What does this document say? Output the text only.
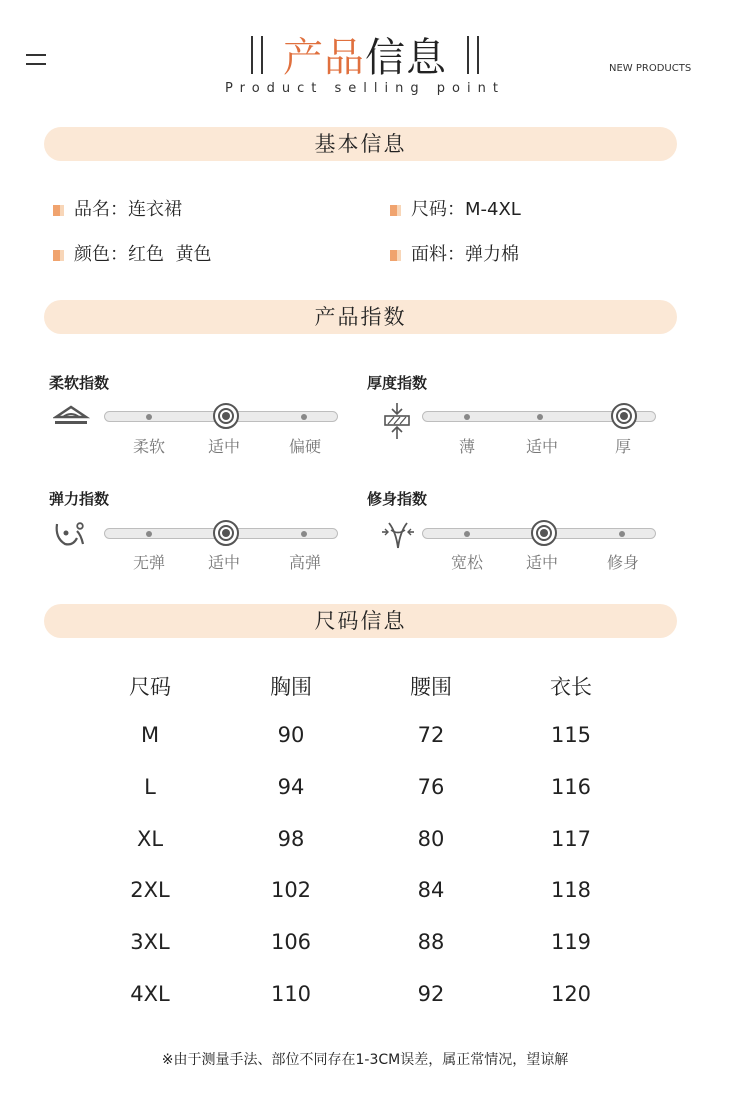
产品信息
Product selling point
NEW PRODUCTS
基本信息
品名：连衣裙	尺码：M-4XL
颜色：红色  黄色	面料：弹力棉
产品指数
柔软指数
柔软	适中	偏硬
厚度指数
薄	适中	厚
弹力指数
无弹	适中	高弹
修身指数
宽松	适中	修身
尺码信息
尺码	胸围	腰围	衣长
M	90	72	115
L	94	76	116
XL	98	80	117
2XL	102	84	118
3XL	106	88	119
4XL	110	92	120
※由于测量手法、部位不同存在1-3CM误差，属正常情况，望谅解
